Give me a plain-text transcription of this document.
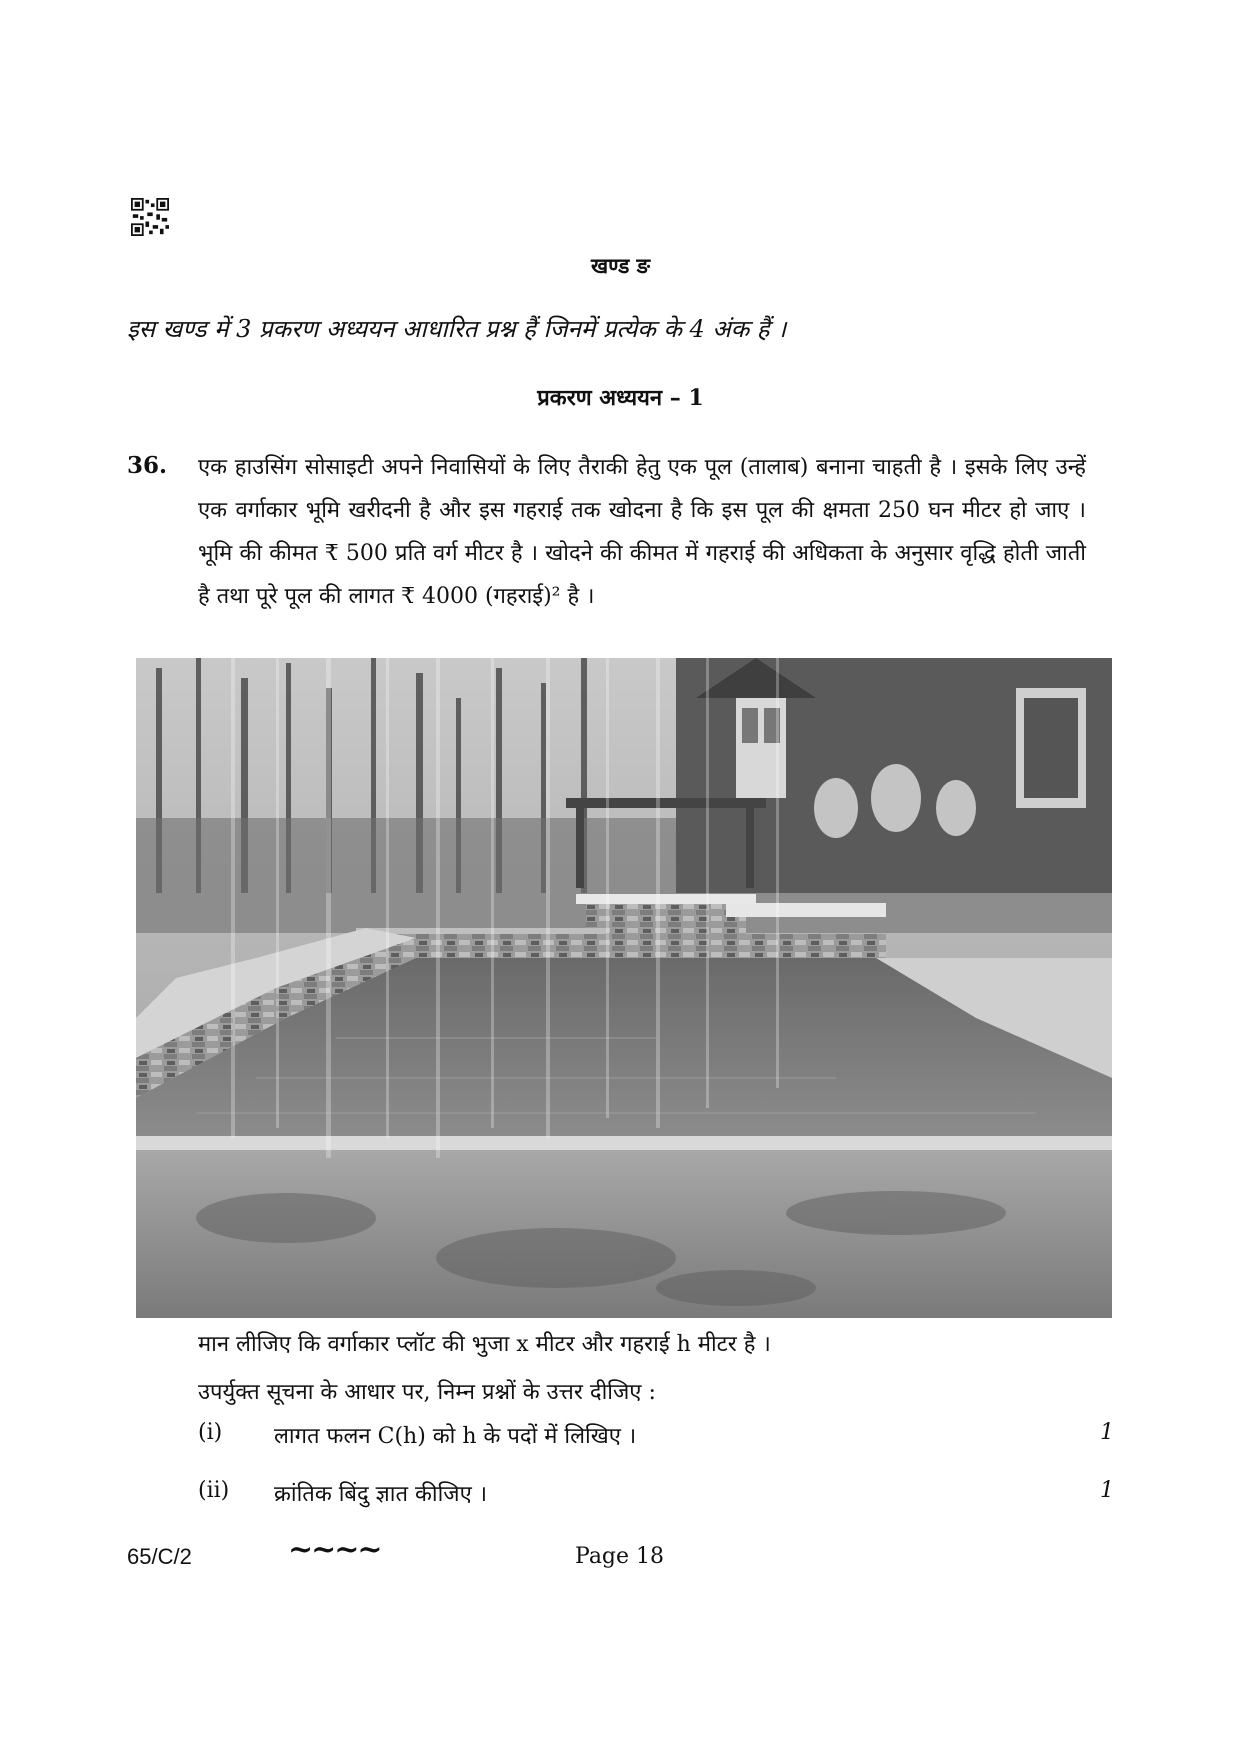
खण्ड ङ
इस खण्ड में 3 प्रकरण अध्ययन आधारित प्रश्न हैं जिनमें प्रत्येक के 4 अंक हैं ।
प्रकरण अध्ययन – 1
36. एक हाउसिंग सोसाइटी अपने निवासियों के लिए तैराकी हेतु एक पूल (तालाब) बनाना चाहती है । इसके लिए उन्हें एक वर्गाकार भूमि खरीदनी है और इस गहराई तक खोदना है कि इस पूल की क्षमता 250 घन मीटर हो जाए । भूमि की कीमत ₹ 500 प्रति वर्ग मीटर है । खोदने की कीमत में गहराई की अधिकता के अनुसार वृद्धि होती जाती है तथा पूरे पूल की लागत ₹ 4000 (गहराई)² है ।
मान लीजिए कि वर्गाकार प्लॉट की भुजा x मीटर और गहराई h मीटर है ।
उपर्युक्त सूचना के आधार पर, निम्न प्रश्नों के उत्तर दीजिए :
(i) लागत फलन C(h) को h के पदों में लिखिए ।	1
(ii) क्रांतिक बिंदु ज्ञात कीजिए ।	1
65/C/2	~~~~	Page 18
